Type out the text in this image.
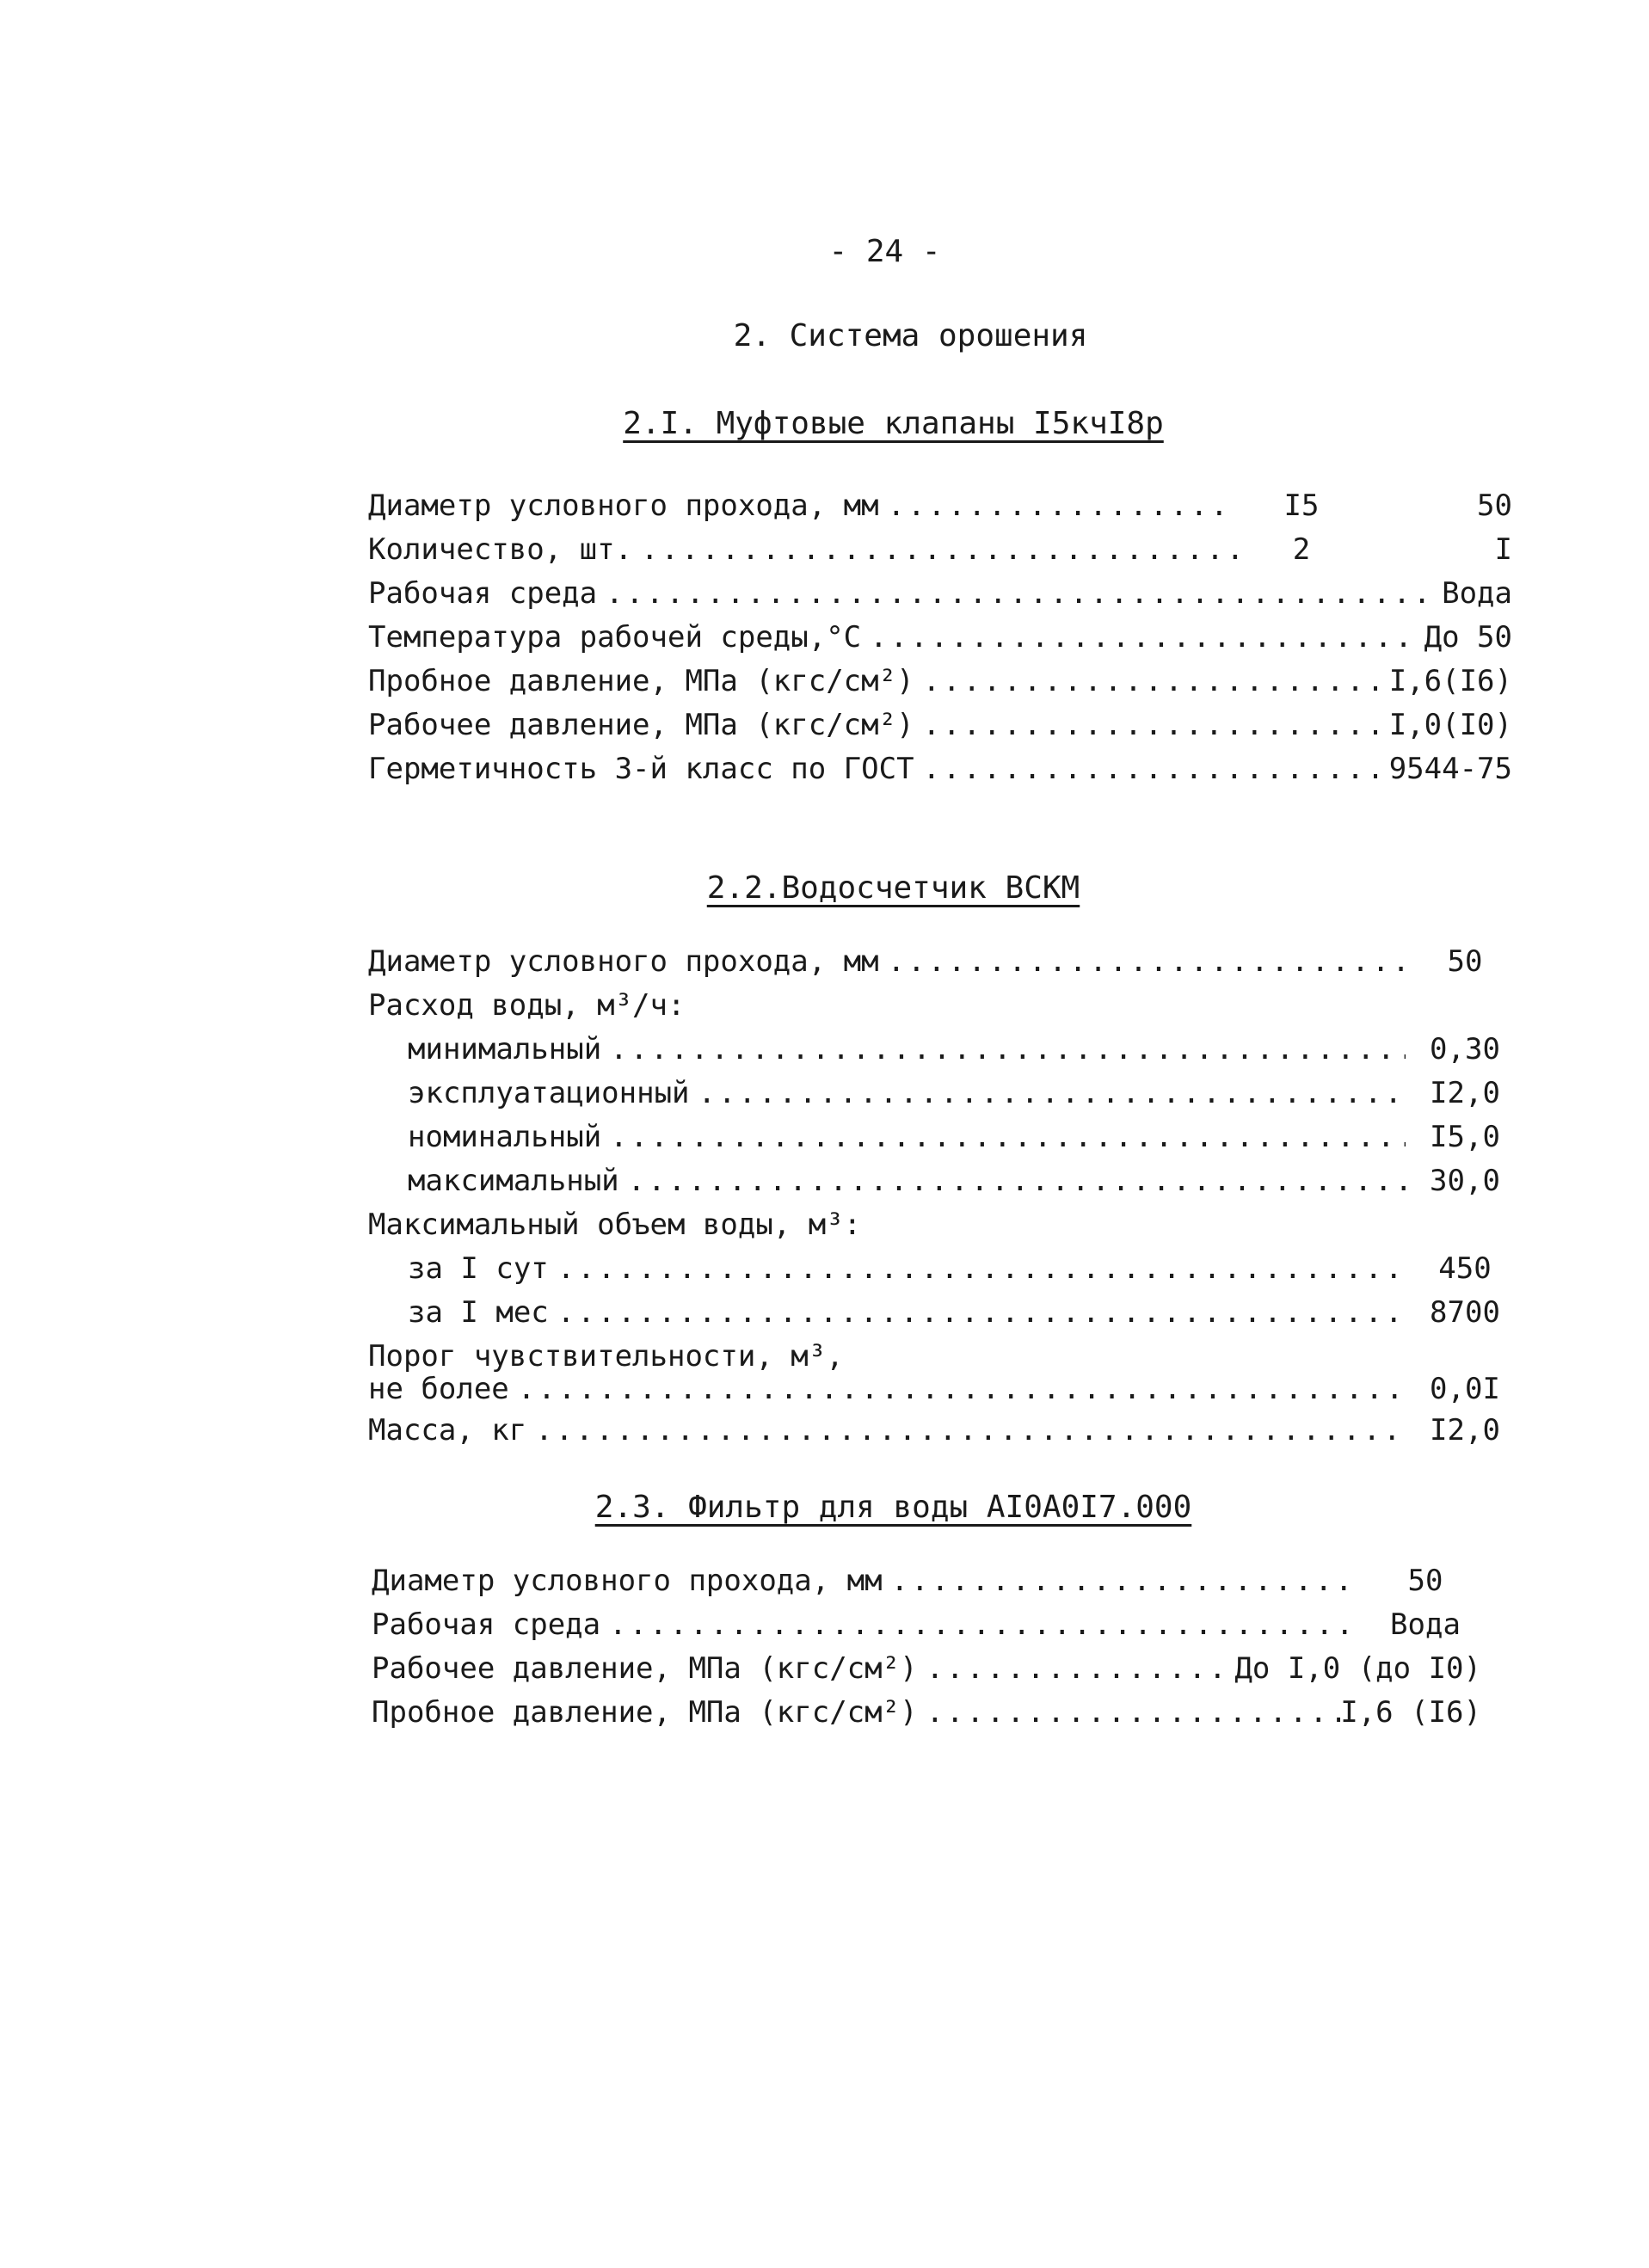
- 24 -
2. Система орошения
2.I. Муфтовые клапаны I5кчI8р
Диаметр условного прохода, мм .....	I5	50
Количество, шт. .....	2	I
Рабочая среда .....	Вода
Температура рабочей среды,°С .....	До 50
Пробное давление, МПа (кгс/см²) .....	I,6(I6)
Рабочее давление, МПа (кгс/см²) .....	I,0(I0)
Герметичность 3-й класс по ГОСТ .....	9544-75
2.2.Водосчетчик ВСКМ
Диаметр условного прохода, мм .....	50
Расход воды, м³/ч:
минимальный .....	0,30
эксплуатационный .....	I2,0
номинальный .....	I5,0
максимальный .....	30,0
Максимальный объем воды, м³:
за I сут .....	450
за I мес .....	8700
Порог чувствительности, м³,
не более .....	0,0I
Масса, кг .....	I2,0
2.3. Фильтр для воды AI0A0I7.000
Диаметр условного прохода, мм .....	50
Рабочая среда .....	Вода
Рабочее давление, МПа (кгс/см²) .....	До I,0 (до I0)
Пробное давление, МПа (кгс/см²) .....	I,6 (I6)
